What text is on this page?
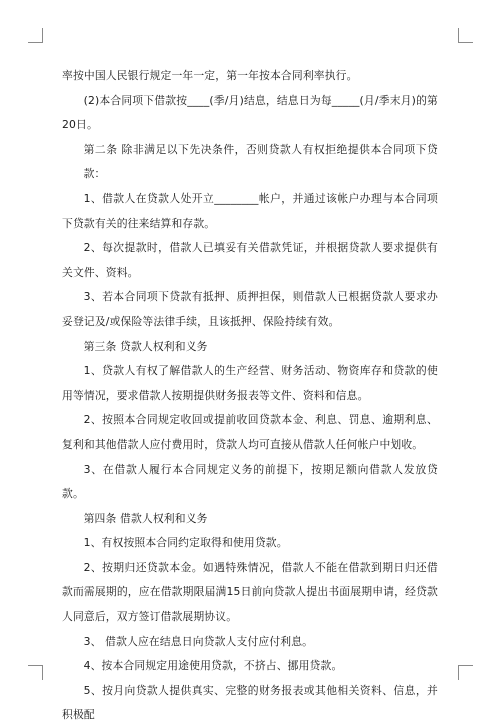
率按中国人民银行规定一年一定，第一年按本合同利率执行。

(2)本合同项下借款按____(季/月)结息，结息日为每_____(月/季末月)的第20日。

第二条 除非满足以下先决条件，否则贷款人有权拒绝提供本合同项下贷款：

1、借款人在贷款人处开立________帐户，并通过该帐户办理与本合同项下贷款有关的往来结算和存款。

2、每次提款时，借款人已填妥有关借款凭证，并根据贷款人要求提供有关文件、资料。

3、若本合同项下贷款有抵押、质押担保，则借款人已根据贷款人要求办妥登记及/或保险等法律手续，且该抵押、保险持续有效。

第三条 贷款人权利和义务

1、贷款人有权了解借款人的生产经营、财务活动、物资库存和贷款的使用等情况，要求借款人按期提供财务报表等文件、资料和信息。

2、按照本合同规定收回或提前收回贷款本金、利息、罚息、逾期利息、复利和其他借款人应付费用时，贷款人均可直接从借款人任何帐户中划收。

3、在借款人履行本合同规定义务的前提下，按期足额向借款人发放贷款。

第四条 借款人权利和义务

1、有权按照本合同约定取得和使用贷款。

2、按期归还贷款本金。如遇特殊情况，借款人不能在借款到期日归还借款而需展期的，应在借款期限届满15日前向贷款人提出书面展期申请，经贷款人同意后，双方签订借款展期协议。

3、 借款人应在结息日向贷款人支付应付利息。

4、按本合同规定用途使用贷款，不挤占、挪用贷款。

5、按月向贷款人提供真实、完整的财务报表或其他相关资料、信息，并积极配
